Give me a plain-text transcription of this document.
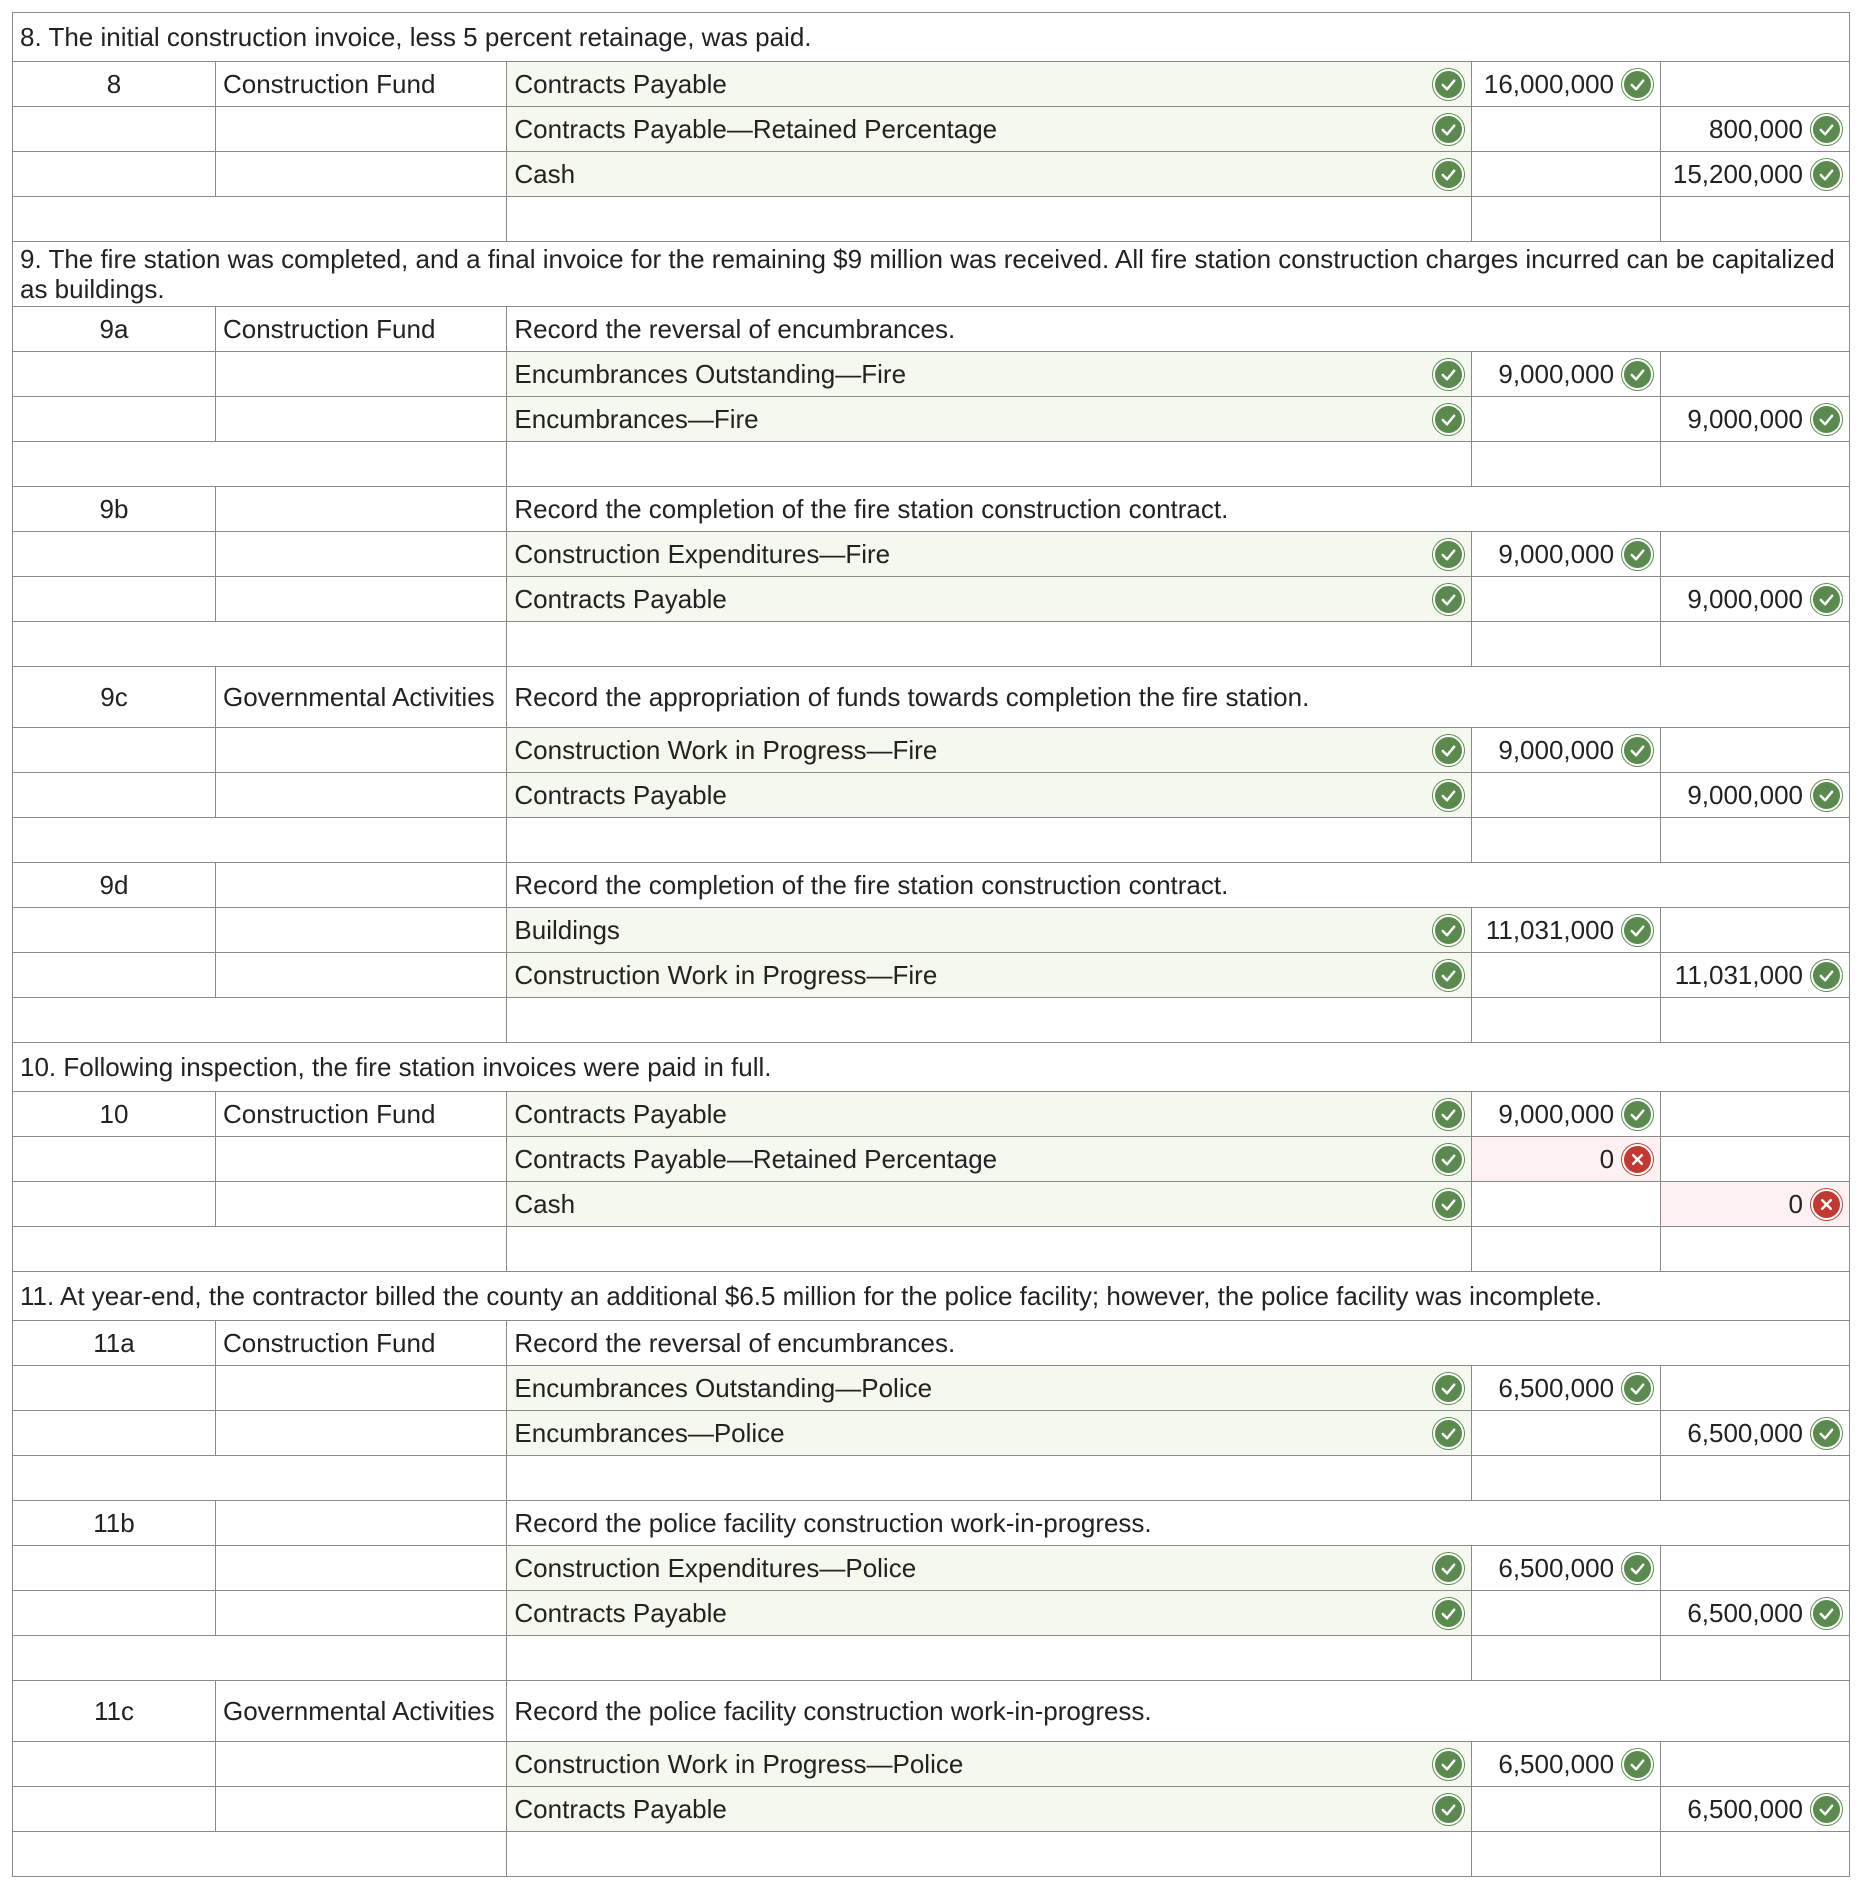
8. The initial construction invoice, less 5 percent retainage, was paid.				
8	Construction Fund	Contracts Payable	16,000,000	

		Contracts Payable—Retained Percentage		800,000

		Cash		15,200,000

9. The fire station was completed, and a final invoice for the remaining $9 million was received. All fire station construction charges incurred can be capitalized as buildings.				
9a	Construction Fund	Record the reversal of encumbrances.		

		Encumbrances Outstanding—Fire	9,000,000	

		Encumbrances—Fire		9,000,000

9b		Record the completion of the fire station construction contract.		

		Construction Expenditures—Fire	9,000,000	

		Contracts Payable		9,000,000

9c	Governmental Activities	Record the appropriation of funds towards completion the fire station.		

		Construction Work in Progress—Fire	9,000,000	

		Contracts Payable		9,000,000

9d		Record the completion of the fire station construction contract.		

		Buildings	11,031,000	

		Construction Work in Progress—Fire		11,031,000

10. Following inspection, the fire station invoices were paid in full.				
10	Construction Fund	Contracts Payable	9,000,000	

		Contracts Payable—Retained Percentage	0	

		Cash		0

11. At year-end, the contractor billed the county an additional $6.5 million for the police facility; however, the police facility was incomplete.				
11a	Construction Fund	Record the reversal of encumbrances.		

		Encumbrances Outstanding—Police	6,500,000	

		Encumbrances—Police		6,500,000

11b		Record the police facility construction work-in-progress.		

		Construction Expenditures—Police	6,500,000	

		Contracts Payable		6,500,000

11c	Governmental Activities	Record the police facility construction work-in-progress.		

		Construction Work in Progress—Police	6,500,000	

		Contracts Payable		6,500,000
